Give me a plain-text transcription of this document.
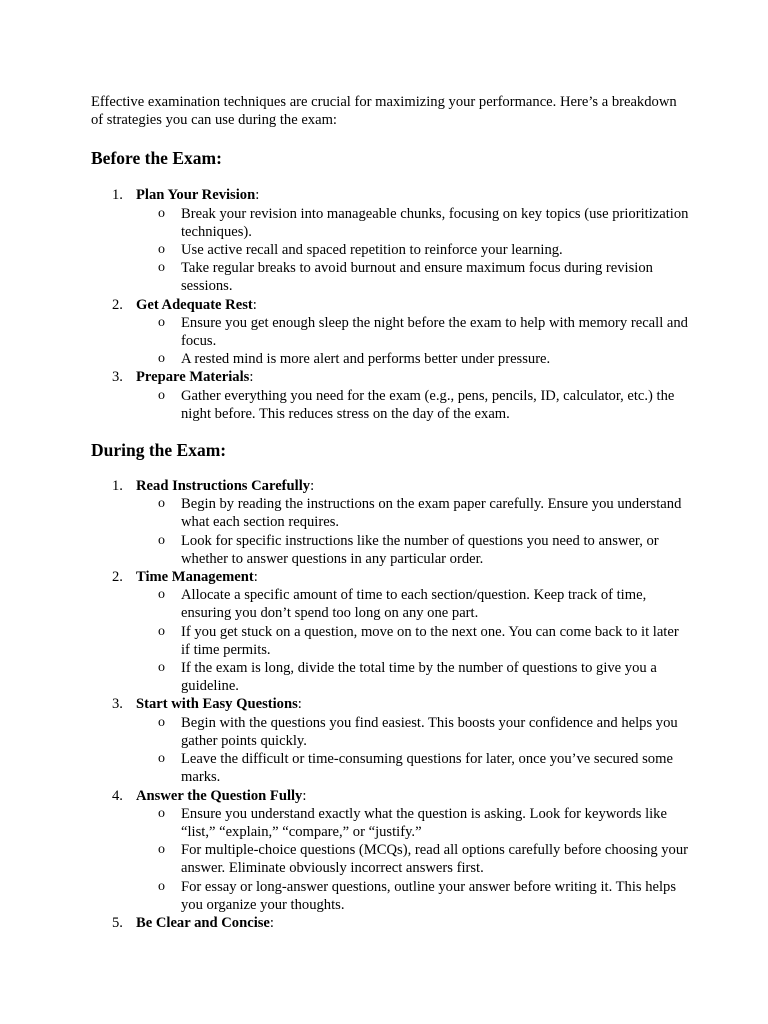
Effective examination techniques are crucial for maximizing your performance. Here’s a breakdown of strategies you can use during the exam:

Before the Exam:
1. Plan Your Revision:
o Break your revision into manageable chunks, focusing on key topics (use prioritization techniques).
o Use active recall and spaced repetition to reinforce your learning.
o Take regular breaks to avoid burnout and ensure maximum focus during revision sessions.
2. Get Adequate Rest:
o Ensure you get enough sleep the night before the exam to help with memory recall and focus.
o A rested mind is more alert and performs better under pressure.
3. Prepare Materials:
o Gather everything you need for the exam (e.g., pens, pencils, ID, calculator, etc.) the night before. This reduces stress on the day of the exam.
During the Exam:
1. Read Instructions Carefully:
o Begin by reading the instructions on the exam paper carefully. Ensure you understand what each section requires.
o Look for specific instructions like the number of questions you need to answer, or whether to answer questions in any particular order.
2. Time Management:
o Allocate a specific amount of time to each section/question. Keep track of time, ensuring you don’t spend too long on any one part.
o If you get stuck on a question, move on to the next one. You can come back to it later if time permits.
o If the exam is long, divide the total time by the number of questions to give you a guideline.
3. Start with Easy Questions:
o Begin with the questions you find easiest. This boosts your confidence and helps you gather points quickly.
o Leave the difficult or time-consuming questions for later, once you’ve secured some marks.
4. Answer the Question Fully:
o Ensure you understand exactly what the question is asking. Look for keywords like “list,” “explain,” “compare,” or “justify.”
o For multiple-choice questions (MCQs), read all options carefully before choosing your answer. Eliminate obviously incorrect answers first.
o For essay or long-answer questions, outline your answer before writing it. This helps you organize your thoughts.
5. Be Clear and Concise:
